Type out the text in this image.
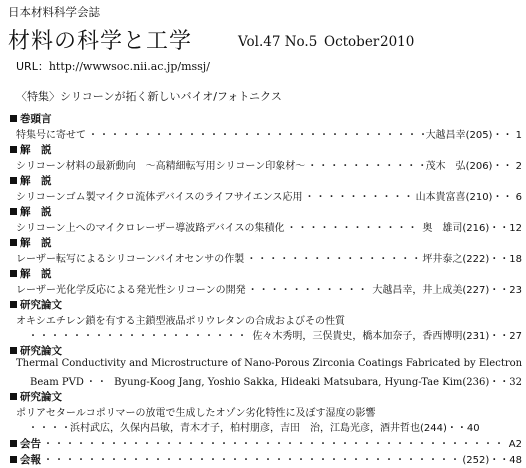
日本材料科学会誌
材料の科学と工学	Vol.47 No.5 October 2010
URL：http://wwwsoc.nii.ac.jp/mssj/
〈特集〉シリコーンが拓く新しいバイオ/フォトニクス
巻頭言
特集号に寄せて ・・・・・・・・・・・・・・・・・・・・・・・・・・・・・・・・・・・・・・・・・・・・・・・・・・・・・・・・・・・・	大越昌幸 (205)・・ 1
解　説
シリコーン材料の最新動向　～高精細転写用シリコーン印象材～ ・・・・・・・・・・・・・・・・・・・・・・・・・・・・・・・・・・・・・・・・・・・・・・・・・・・・・・・・・・・・	茂木　弘 (206)・・ 2
解　説
シリコーンゴム製マイクロ流体デバイスのライフサイエンス応用 ・・・・・・・・・・・・・・・・・・・・・・・・・・・・・・・・・・・・・・・・・・・・・・・・・・・・・・・・・・・・	山本貴富喜 (210)・・ 6
解　説
シリコーン上へのマイクロレーザー導波路デバイスの集積化 ・・・・・・・・・・・・・・・・・・・・・・・・・・・・・・・・・・・・・・・・・・・・・・・・・・・・・・・・・・・・	奥　雄司 (216)・・12
解　説
レーザー転写によるシリコーンバイオセンサの作製 ・・・・・・・・・・・・・・・・・・・・・・・・・・・・・・・・・・・・・・・・・・・・・・・・・・・・・・・・・・・・	坪井泰之 (222)・・18
解　説
レーザー光化学反応による発光性シリコーンの開発 ・・・・・・・・・・・・・・・・・・・・・・・・・・・・・・・・・・・・・・・・・・・・・・・・・・・・・・・・・・・・	大越昌幸，井上成美 (227)・・23
研究論文
オキシエチレン鎖を有する主鎖型液晶ポリウレタンの合成およびその性質
・・・・・・・・・・・・・・・・・・・・・・・・・・・・・・・・・・・・・・・・・・・・・・・・・・・・・・・・・・・・
佐々木秀明，三俣貴史，橋本加奈子，香西博明 (231)・・27
研究論文
Thermal Conductivity and Microstructure of Nano-Porous Zirconia Coatings Fabricated by Electron
Beam PVD ・・・・・・・・・・・・・・・・・・・・・・・・・・・・・・・・・・・・・・・・・・・・・・・・・・・・・・・・・・・・	Byung-Koog Jang, Yoshio Sakka, Hideaki Matsubara, Hyung-Tae Kim (236)・・32
研究論文
ポリアセタールコポリマーの放電で生成したオゾン劣化特性に及ぼす湿度の影響
・・・・・・・・・・・・・・・・・・・・・・・・・・・・・・・・・・・・・・・・・・・・・・・・・・・・・・・・・・・・
浜村武広，久保内昌敏，青木才子，柏村朋彦，吉田　治，江島光彦，酒井哲也 (244)・・40
会告 ・・・・・・・・・・・・・・・・・・・・・・・・・・・・・・・・・・・・・・・・・・・・・・・・・・・・・・・・・・・・	A2
会報 ・・・・・・・・・・・・・・・・・・・・・・・・・・・・・・・・・・・・・・・・・・・・・・・・・・・・・・・・・・・・	(252)・・48
